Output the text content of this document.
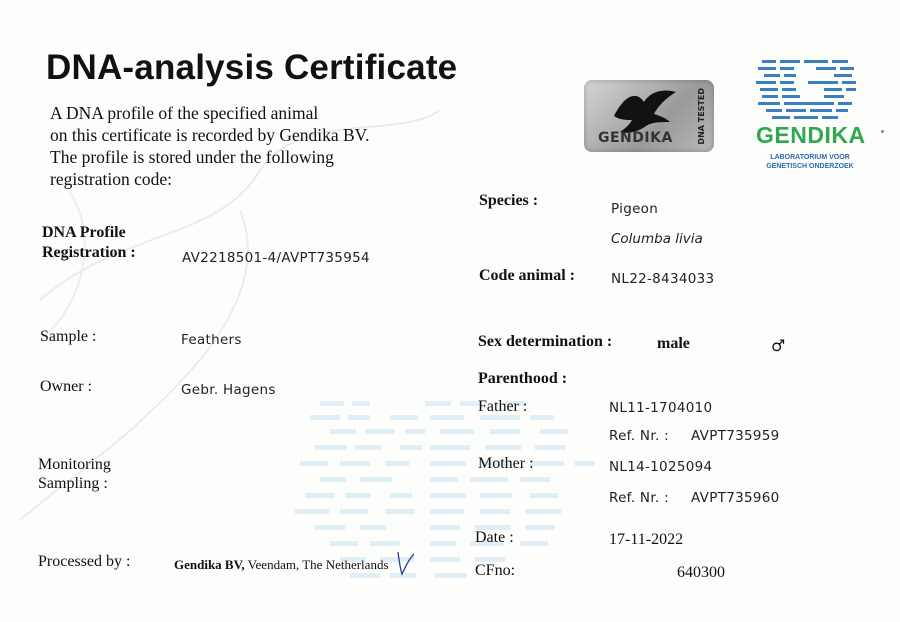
DNA-analysis Certificate
A DNA profile of the specified animal
on this certificate is recorded by Gendika BV.
The profile is stored under the following
registration code:
GENDIKA	DNA TESTED GENDIKA
LABORATORIUM VOOR
GENETISCH ONDERZOEK
DNA Profile
Registration :	AV2218501-4/AVPT735954
Sample :	Feathers
Owner :	Gebr. Hagens
Monitoring
Sampling :
Processed by :	Gendika BV, Veendam, The Netherlands
Species :	Pigeon
Columba livia
Code animal :	NL22-8434033
Sex determination :	male	♂
Parenthood :
Father :	NL11-1704010
Ref. Nr. : AVPT735959
Mother :	NL14-1025094
Ref. Nr. : AVPT735960
Date :	17-11-2022
CFno:	640300
